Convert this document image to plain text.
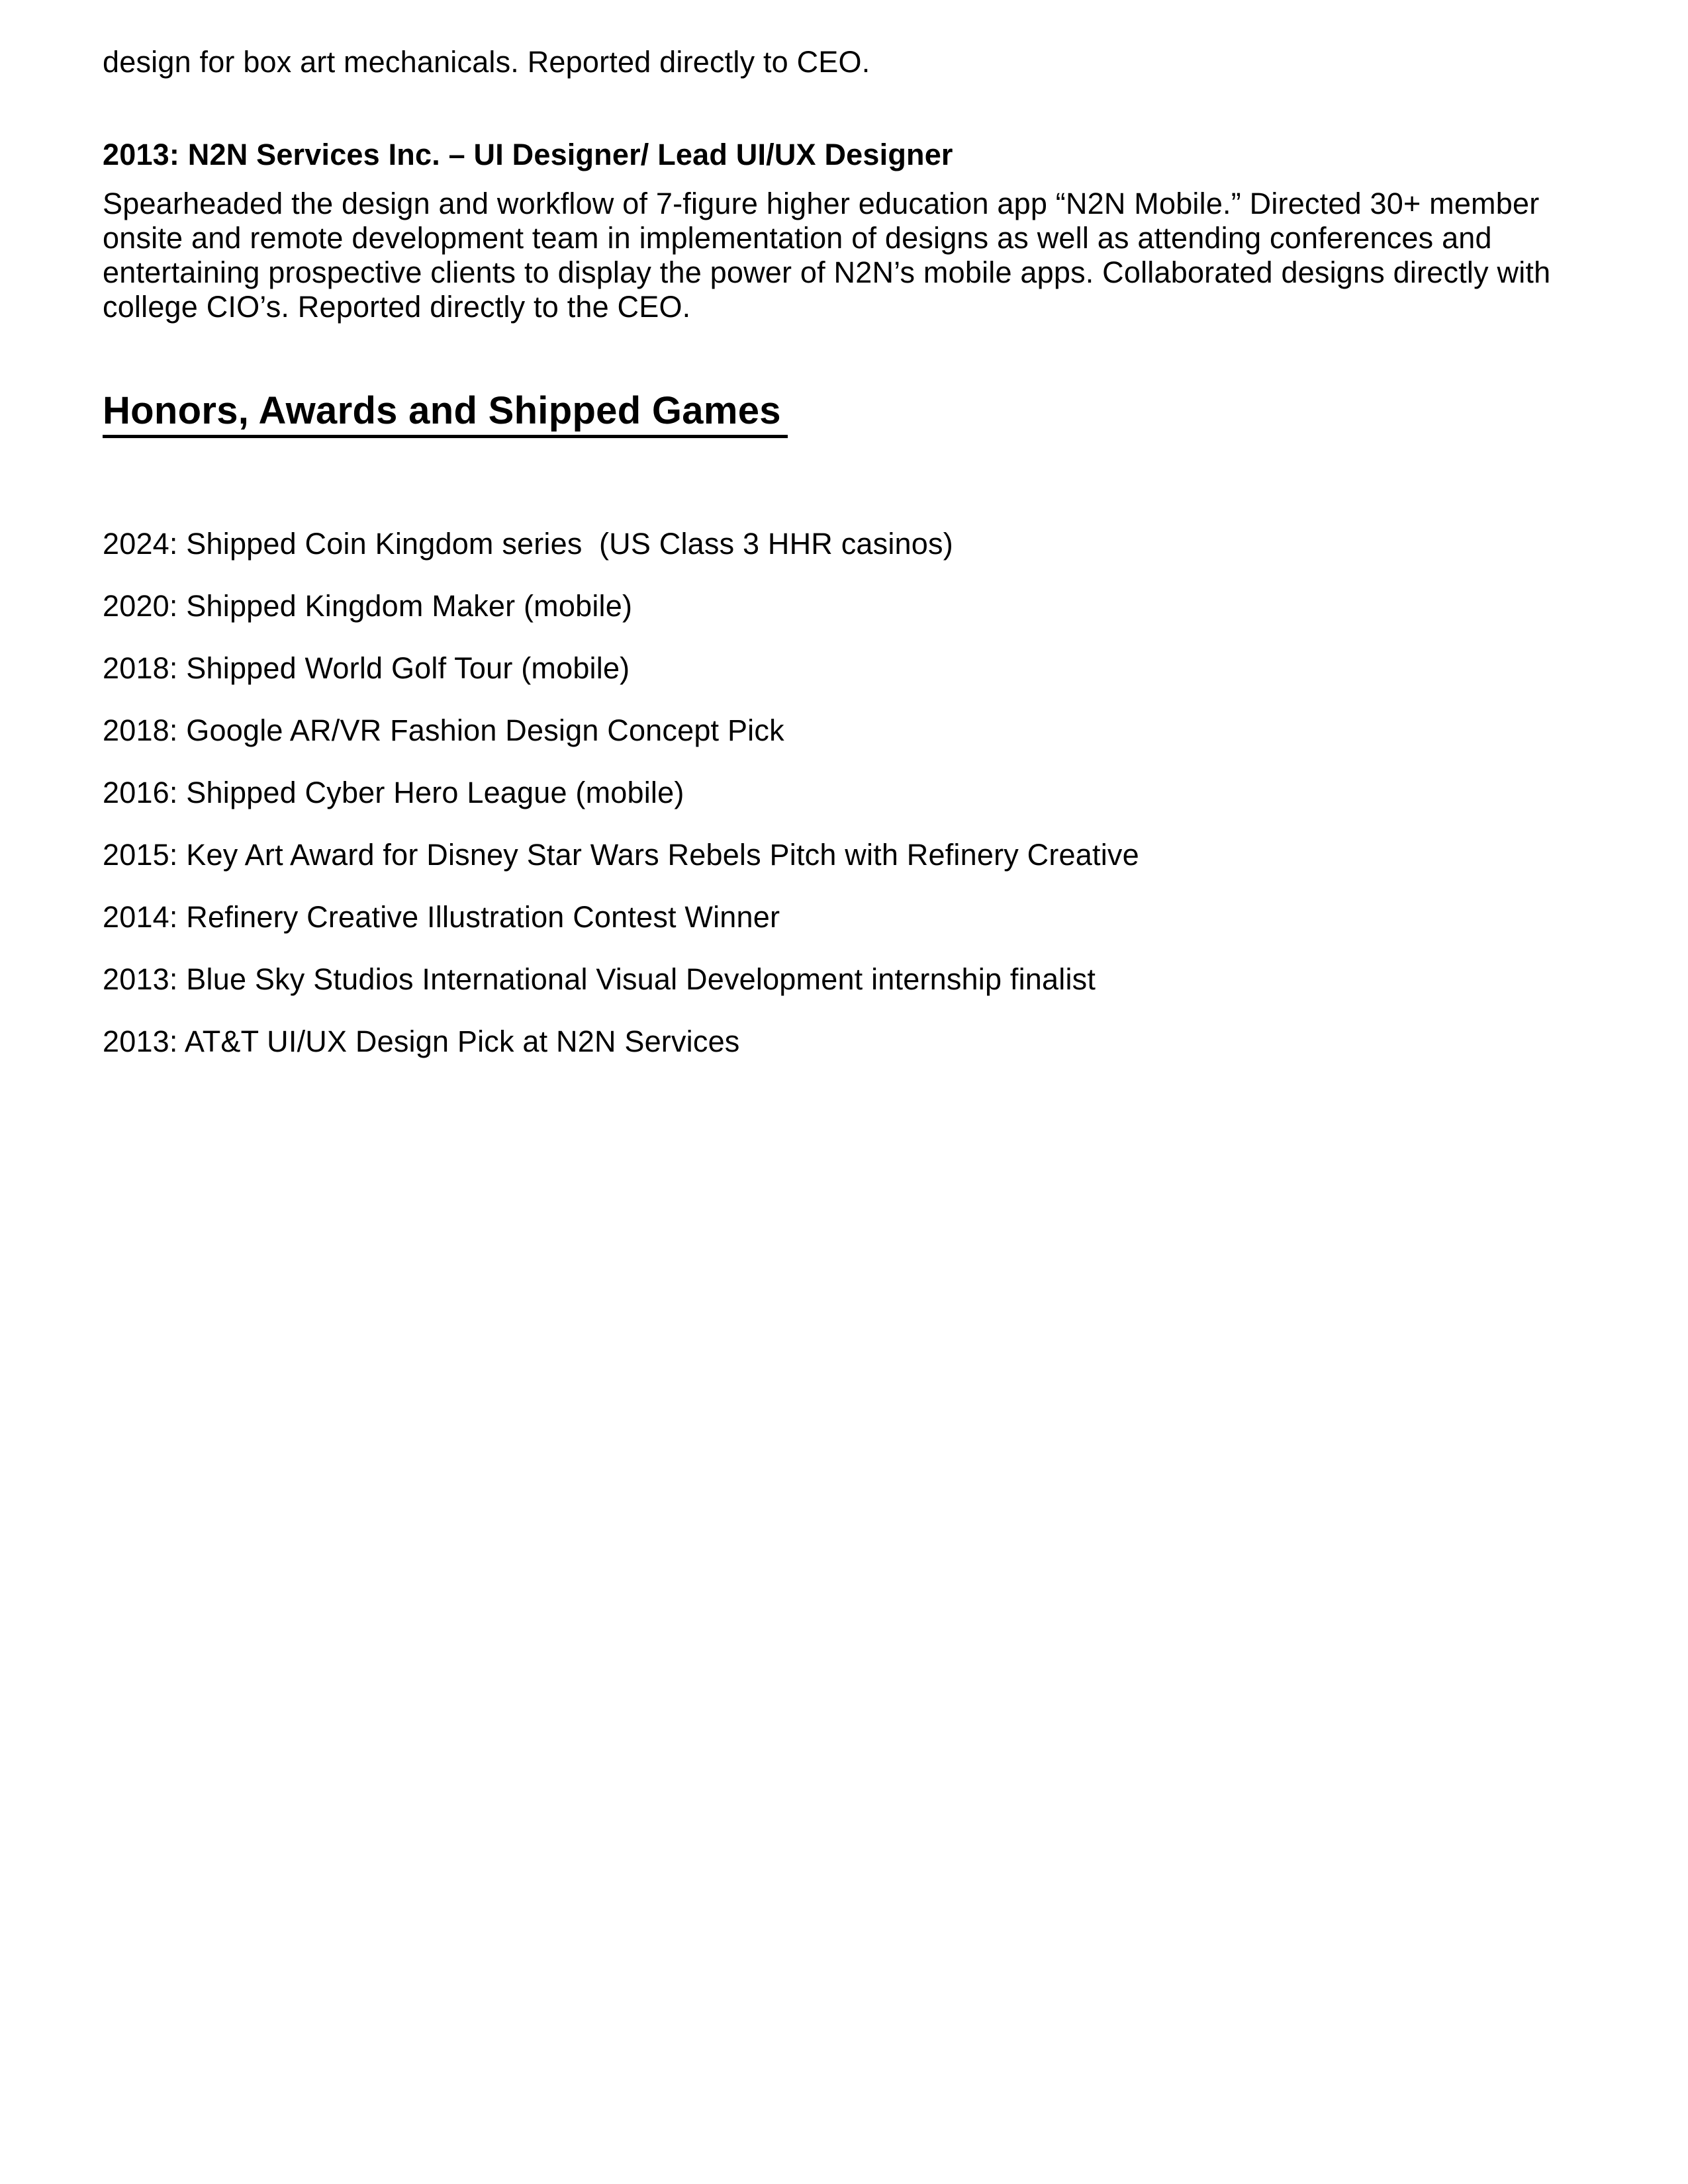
design for box art mechanicals. Reported directly to CEO.

2013: N2N Services Inc. – UI Designer/ Lead UI/UX Designer
Spearheaded the design and workflow of 7-figure higher education app “N2N Mobile.” Directed 30+ member
onsite and remote development team in implementation of designs as well as attending conferences and
entertaining prospective clients to display the power of N2N’s mobile apps. Collaborated designs directly with
college CIO’s. Reported directly to the CEO.
Honors, Awards and Shipped Games
2024: Shipped Coin Kingdom series  (US Class 3 HHR casinos)
2020: Shipped Kingdom Maker (mobile)
2018: Shipped World Golf Tour (mobile)
2018: Google AR/VR Fashion Design Concept Pick
2016: Shipped Cyber Hero League (mobile)
2015: Key Art Award for Disney Star Wars Rebels Pitch with Refinery Creative
2014: Refinery Creative Illustration Contest Winner
2013: Blue Sky Studios International Visual Development internship finalist
2013: AT&T UI/UX Design Pick at N2N Services
